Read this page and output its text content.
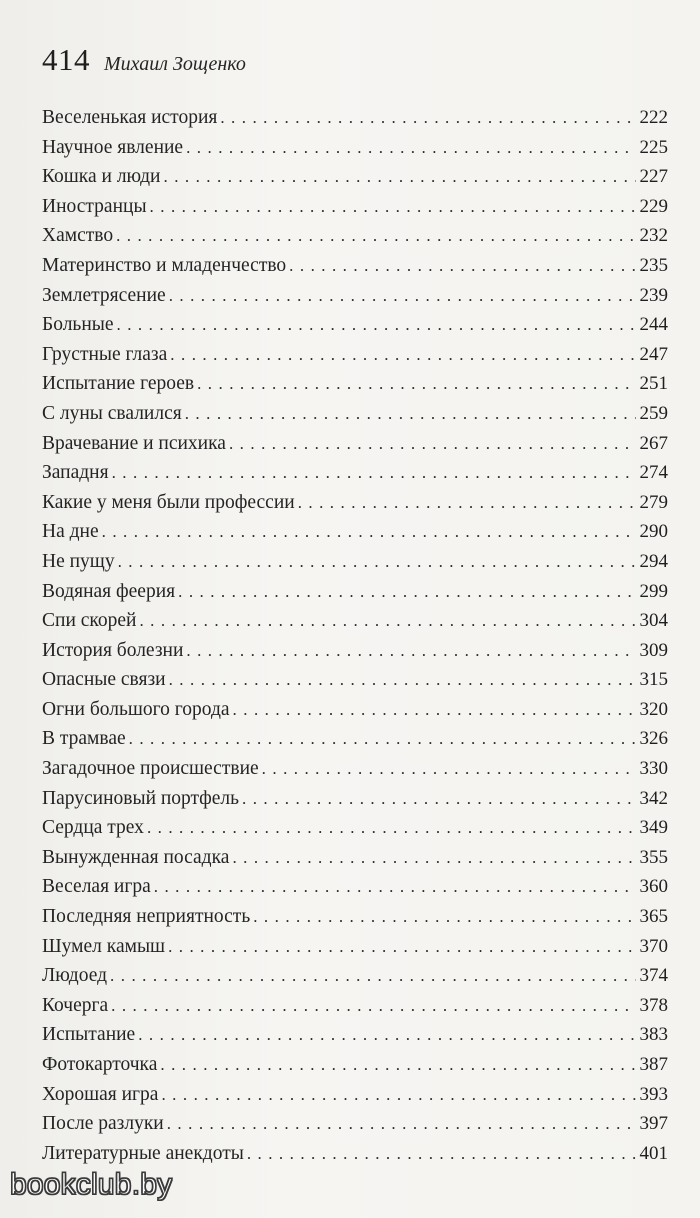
414 Михаил Зощенко
Веселенькая история . . .	222
Научное явление . . .	225
Кошка и люди . . .	227
Иностранцы . . .	229
Хамство . . .	232
Материнство и младенчество . . .	235
Землетрясение . . .	239
Больные . . .	244
Грустные глаза . . .	247
Испытание героев . . .	251
С луны свалился . . .	259
Врачевание и психика . . .	267
Западня . . .	274
Какие у меня были профессии . . .	279
На дне . . .	290
Не пущу . . .	294
Водяная феерия . . .	299
Спи скорей . . .	304
История болезни . . .	309
Опасные связи . . .	315
Огни большого города . . .	320
В трамвае . . .	326
Загадочное происшествие . . .	330
Парусиновый портфель . . .	342
Сердца трех . . .	349
Вынужденная посадка . . .	355
Веселая игра . . .	360
Последняя неприятность . . .	365
Шумел камыш . . .	370
Людоед . . .	374
Кочерга . . .	378
Испытание . . .	383
Фотокарточка . . .	387
Хорошая игра . . .	393
После разлуки . . .	397
Литературные анекдоты . . .	401
bookclub.by
